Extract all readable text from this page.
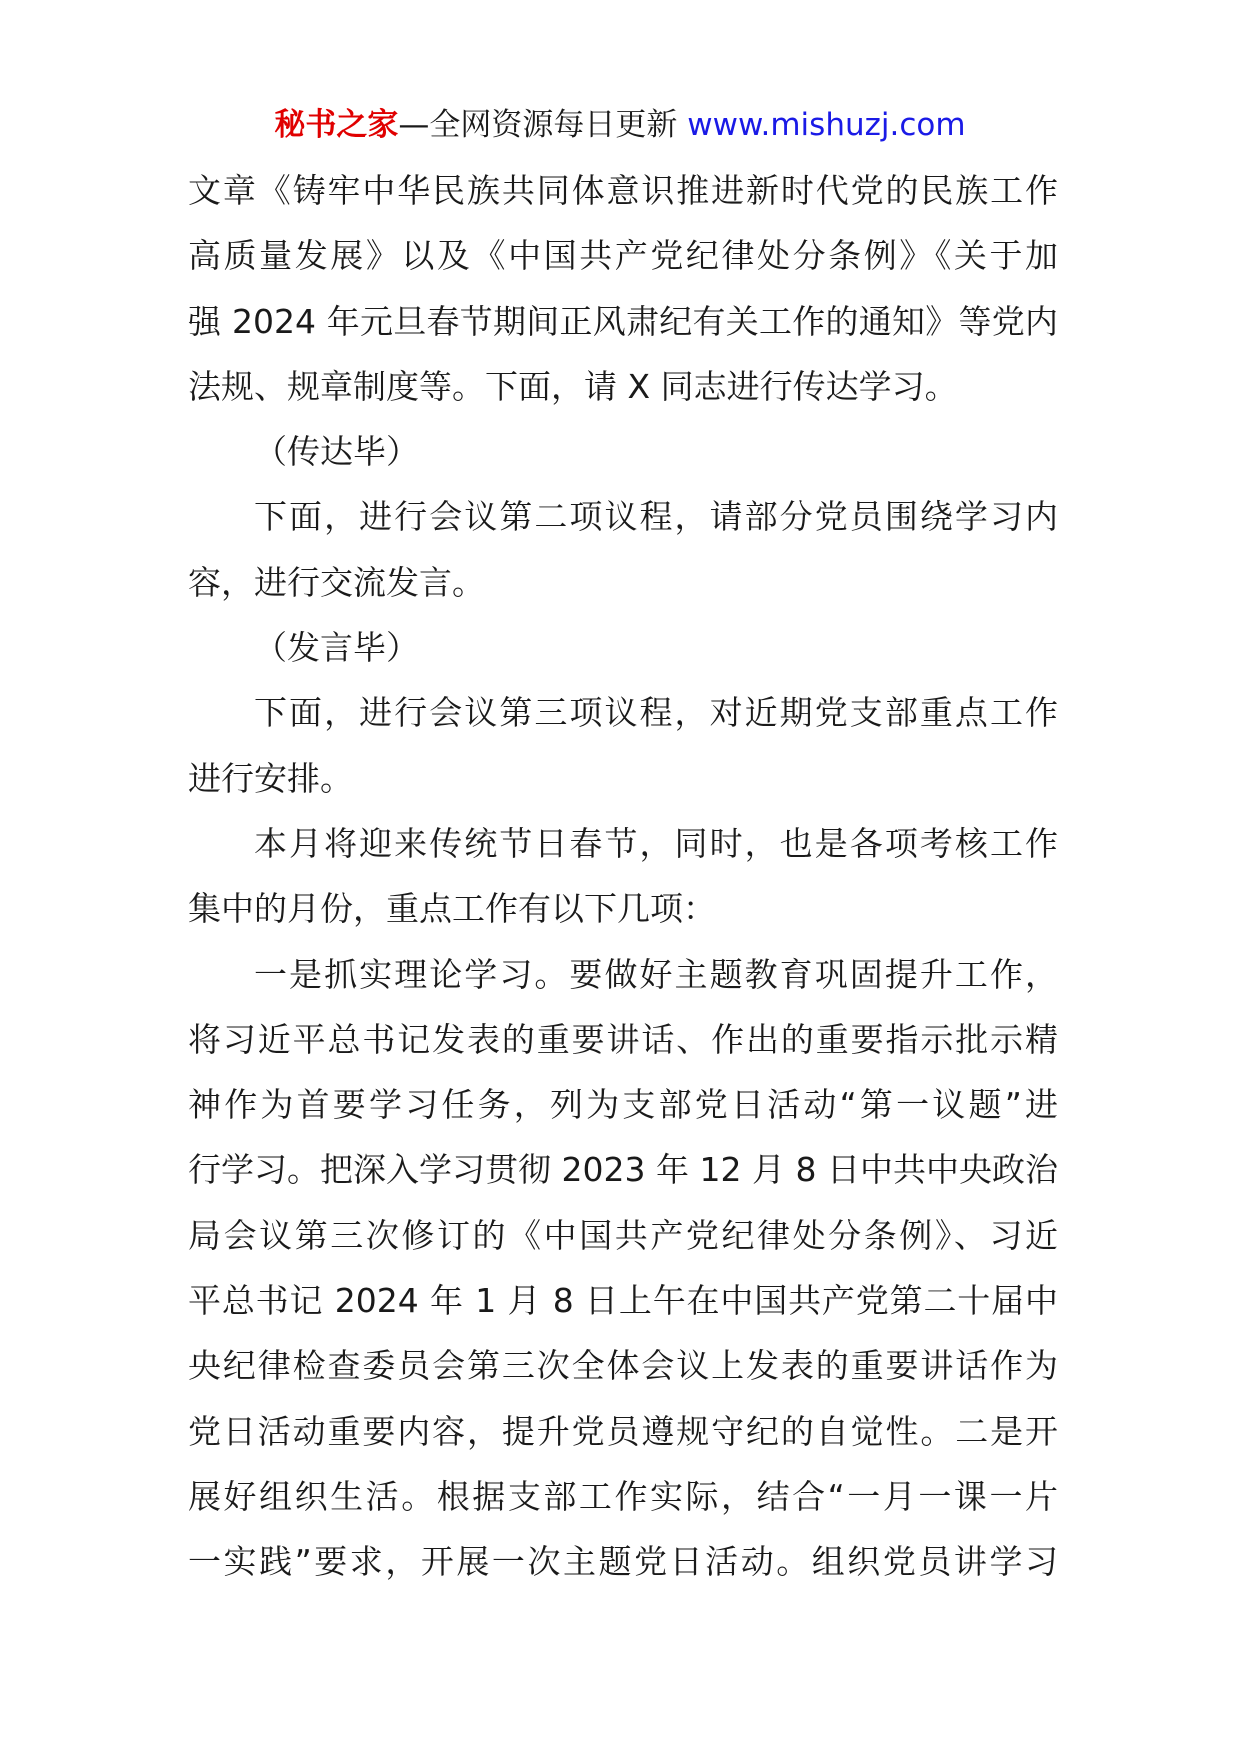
秘书之家—全网资源每日更新 www.mishuzj.com
文章《铸牢中华民族共同体意识推进新时代党的民族工作
高质量发展》以及《中国共产党纪律处分条例》《关于加
强 2024 年元旦春节期间正风肃纪有关工作的通知》等党内
法规、规章制度等。下面，请 X 同志进行传达学习。
（传达毕）
下面，进行会议第二项议程，请部分党员围绕学习内
容，进行交流发言。
（发言毕）
下面，进行会议第三项议程，对近期党支部重点工作
进行安排。
本月将迎来传统节日春节，同时，也是各项考核工作
集中的月份，重点工作有以下几项：
一是抓实理论学习。要做好主题教育巩固提升工作，
将习近平总书记发表的重要讲话、作出的重要指示批示精
神作为首要学习任务，列为支部党日活动“第一议题”进
行学习。把深入学习贯彻 2023 年 12 月 8 日中共中央政治
局会议第三次修订的《中国共产党纪律处分条例》、习近
平总书记 2024 年 1 月 8 日上午在中国共产党第二十届中
央纪律检查委员会第三次全体会议上发表的重要讲话作为
党日活动重要内容，提升党员遵规守纪的自觉性。二是开
展好组织生活。根据支部工作实际，结合“一月一课一片
一实践”要求，开展一次主题党日活动。组织党员讲学习
